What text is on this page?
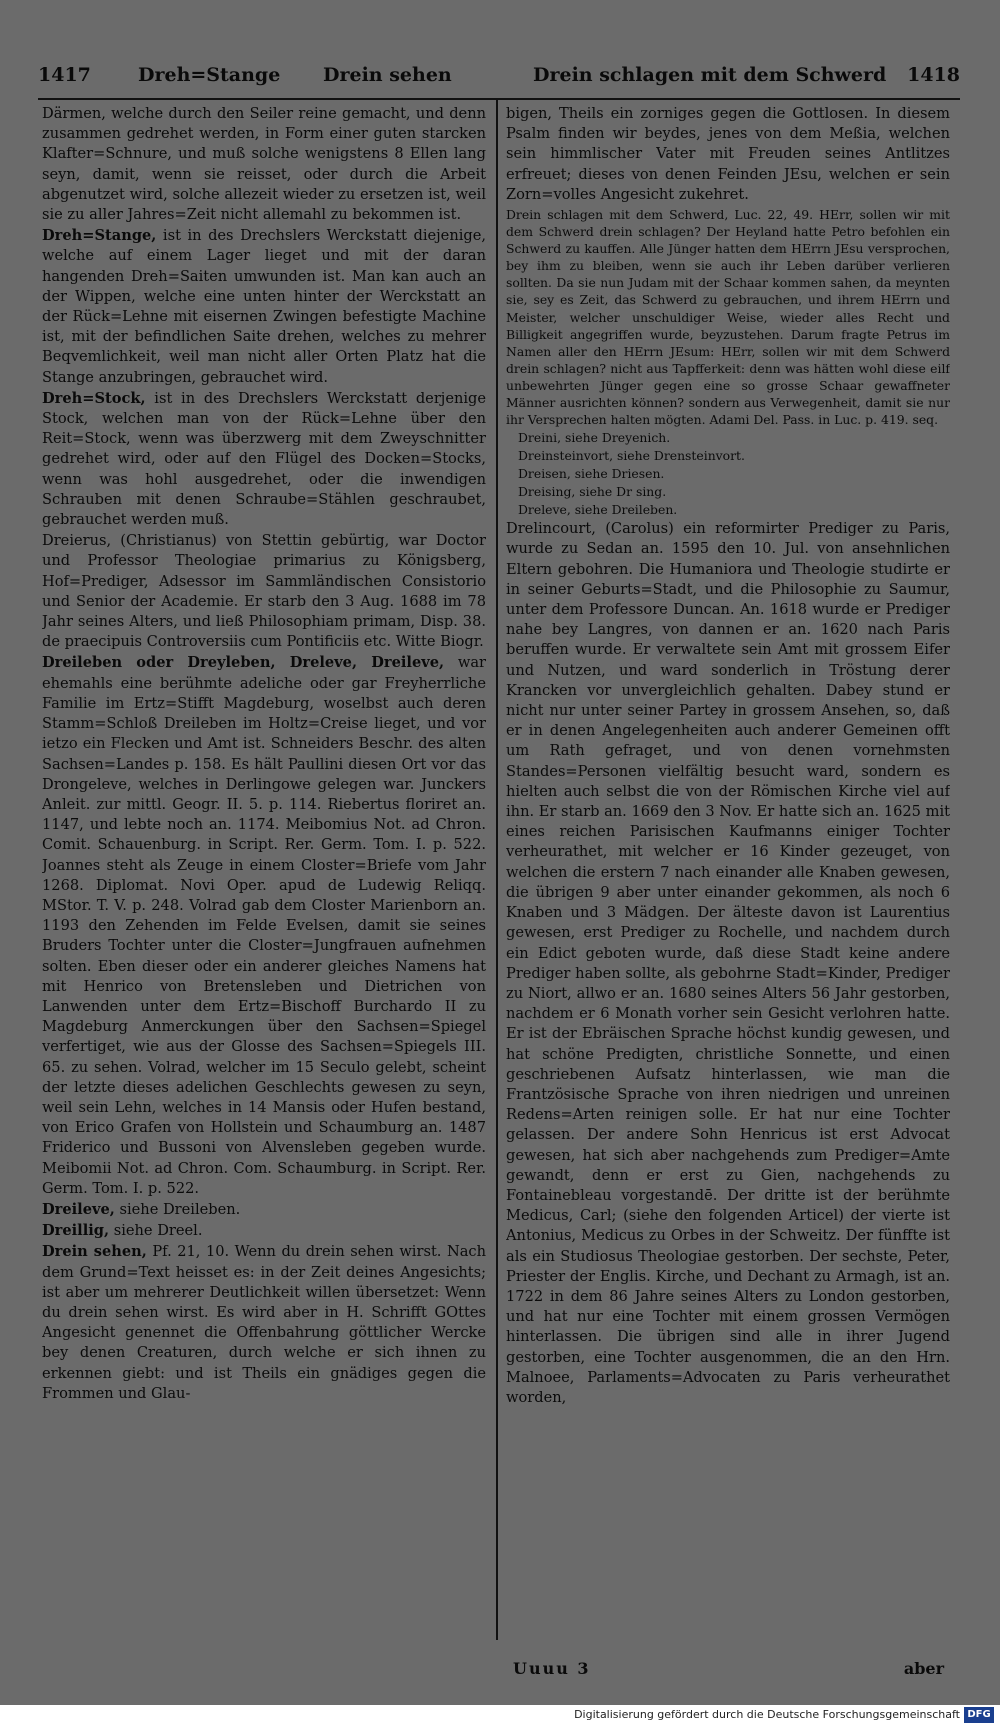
1417 Dreh=Stange Drein sehen	Drein schlagen mit dem Schwerd 1418

Därmen, welche durch den Seiler reine gemacht, und denn zusammen gedrehet werden, in Form einer guten starcken Klafter=Schnure, und muß solche wenigstens 8 Ellen lang seyn, damit, wenn sie reisset, oder durch die Arbeit abgenutzet wird, solche allezeit wieder zu ersetzen ist, weil sie zu aller Jahres=Zeit nicht allemahl zu bekommen ist.

Dreh=Stange, ist in des Drechslers Werckstatt diejenige, welche auf einem Lager lieget und mit der daran hangenden Dreh=Saiten umwunden ist. Man kan auch an der Wippen, welche eine unten hinter der Werckstatt an der Rück=Lehne mit eisernen Zwingen befestigte Machine ist, mit der befindlichen Saite drehen, welches zu mehrer Beqvemlichkeit, weil man nicht aller Orten Platz hat die Stange anzubringen, gebrauchet wird.

Dreh=Stock, ist in des Drechslers Werckstatt derjenige Stock, welchen man von der Rück=Lehne über den Reit=Stock, wenn was überzwerg mit dem Zweyschnitter gedrehet wird, oder auf den Flügel des Docken=Stocks, wenn was hohl ausgedrehet, oder die inwendigen Schrauben mit denen Schraube=Stählen geschraubet, gebrauchet werden muß.

Dreierus, (Christianus) von Stettin gebürtig, war Doctor und Professor Theologiae primarius zu Königsberg, Hof=Prediger, Adsessor im Sammländischen Consistorio und Senior der Academie. Er starb den 3 Aug. 1688 im 78 Jahr seines Alters, und ließ Philosophiam primam, Disp. 38. de praecipuis Controversiis cum Pontificiis etc. Witte Biogr.

Dreileben oder Dreyleben, Dreleve, Dreileve, war ehemahls eine berühmte adeliche oder gar Freyherrliche Familie im Ertz=Stifft Magdeburg, woselbst auch deren Stamm=Schloß Dreileben im Holtz=Creise lieget, und vor ietzo ein Flecken und Amt ist. Schneiders Beschr. des alten Sachsen=Landes p. 158. Es hält Paullini diesen Ort vor das Drongeleve, welches in Derlingowe gelegen war. Junckers Anleit. zur mittl. Geogr. II. 5. p. 114. Riebertus floriret an. 1147, und lebte noch an. 1174. Meibomius Not. ad Chron. Comit. Schauenburg. in Script. Rer. Germ. Tom. I. p. 522. Joannes steht als Zeuge in einem Closter=Briefe vom Jahr 1268. Diplomat. Novi Oper. apud de Ludewig Reliqq. MStor. T. V. p. 248. Volrad gab dem Closter Marienborn an. 1193 den Zehenden im Felde Evelsen, damit sie seines Bruders Tochter unter die Closter=Jungfrauen aufnehmen solten. Eben dieser oder ein anderer gleiches Namens hat mit Henrico von Bretensleben und Dietrichen von Lanwenden unter dem Ertz=Bischoff Burchardo II zu Magdeburg Anmerckungen über den Sachsen=Spiegel verfertiget, wie aus der Glosse des Sachsen=Spiegels III. 65. zu sehen. Volrad, welcher im 15 Seculo gelebt, scheint der letzte dieses adelichen Geschlechts gewesen zu seyn, weil sein Lehn, welches in 14 Mansis oder Hufen bestand, von Erico Grafen von Hollstein und Schaumburg an. 1487 Friderico und Bussoni von Alvensleben gegeben wurde. Meibomii Not. ad Chron. Com. Schaumburg. in Script. Rer. Germ. Tom. I. p. 522.

Dreileve, siehe Dreileben.

Dreillig, siehe Dreel.

Drein sehen, Pf. 21, 10. Wenn du drein sehen wirst. Nach dem Grund=Text heisset es: in der Zeit deines Angesichts; ist aber um mehrerer Deutlichkeit willen übersetzet: Wenn du drein sehen wirst. Es wird aber in H. Schrifft GOttes Angesicht genennet die Offenbahrung göttlicher Wercke bey denen Creaturen, durch welche er sich ihnen zu erkennen giebt: und ist Theils ein gnädiges gegen die Frommen und Glau-

bigen, Theils ein zorniges gegen die Gottlosen. In diesem Psalm finden wir beydes, jenes von dem Meßia, welchen sein himmlischer Vater mit Freuden seines Antlitzes erfreuet; dieses von denen Feinden JEsu, welchen er sein Zorn=volles Angesicht zukehret.

Drein schlagen mit dem Schwerd, Luc. 22, 49. HErr, sollen wir mit dem Schwerd drein schlagen? Der Heyland hatte Petro befohlen ein Schwerd zu kauffen. Alle Jünger hatten dem HErrn JEsu versprochen, bey ihm zu bleiben, wenn sie auch ihr Leben darüber verlieren sollten. Da sie nun Judam mit der Schaar kommen sahen, da meynten sie, sey es Zeit, das Schwerd zu gebrauchen, und ihrem HErrn und Meister, welcher unschuldiger Weise, wieder alles Recht und Billigkeit angegriffen wurde, beyzustehen. Darum fragte Petrus im Namen aller den HErrn JEsum: HErr, sollen wir mit dem Schwerd drein schlagen? nicht aus Tapfferkeit: denn was hätten wohl diese eilf unbewehrten Jünger gegen eine so grosse Schaar gewaffneter Männer ausrichten können? sondern aus Verwegenheit, damit sie nur ihr Versprechen halten mögten. Adami Del. Pass. in Luc. p. 419. seq.

Dreini, siehe Dreyenich.

Dreinsteinvort, siehe Drensteinvort.

Dreisen, siehe Driesen.

Dreising, siehe Dr sing.

Dreleve, siehe Dreileben.

Drelincourt, (Carolus) ein reformirter Prediger zu Paris, wurde zu Sedan an. 1595 den 10. Jul. von ansehnlichen Eltern gebohren. Die Humaniora und Theologie studirte er in seiner Geburts=Stadt, und die Philosophie zu Saumur, unter dem Professore Duncan. An. 1618 wurde er Prediger nahe bey Langres, von dannen er an. 1620 nach Paris beruffen wurde. Er verwaltete sein Amt mit grossem Eifer und Nutzen, und ward sonderlich in Tröstung derer Krancken vor unvergleichlich gehalten. Dabey stund er nicht nur unter seiner Partey in grossem Ansehen, so, daß er in denen Angelegenheiten auch anderer Gemeinen offt um Rath gefraget, und von denen vornehmsten Standes=Personen vielfältig besucht ward, sondern es hielten auch selbst die von der Römischen Kirche viel auf ihn. Er starb an. 1669 den 3 Nov. Er hatte sich an. 1625 mit eines reichen Parisischen Kaufmanns einiger Tochter verheurathet, mit welcher er 16 Kinder gezeuget, von welchen die erstern 7 nach einander alle Knaben gewesen, die übrigen 9 aber unter einander gekommen, als noch 6 Knaben und 3 Mädgen. Der älteste davon ist Laurentius gewesen, erst Prediger zu Rochelle, und nachdem durch ein Edict geboten wurde, daß diese Stadt keine andere Prediger haben sollte, als gebohrne Stadt=Kinder, Prediger zu Niort, allwo er an. 1680 seines Alters 56 Jahr gestorben, nachdem er 6 Monath vorher sein Gesicht verlohren hatte. Er ist der Ebräischen Sprache höchst kundig gewesen, und hat schöne Predigten, christliche Sonnette, und einen geschriebenen Aufsatz hinterlassen, wie man die Frantzösische Sprache von ihren niedrigen und unreinen Redens=Arten reinigen solle. Er hat nur eine Tochter gelassen. Der andere Sohn Henricus ist erst Advocat gewesen, hat sich aber nachgehends zum Prediger=Amte gewandt, denn er erst zu Gien, nachgehends zu Fontainebleau vorgestandē. Der dritte ist der berühmte Medicus, Carl; (siehe den folgenden Articel) der vierte ist Antonius, Medicus zu Orbes in der Schweitz. Der fünffte ist als ein Studiosus Theologiae gestorben. Der sechste, Peter, Priester der Englis. Kirche, und Dechant zu Armagh, ist an. 1722 in dem 86 Jahre seines Alters zu London gestorben, und hat nur eine Tochter mit einem grossen Vermögen hinterlassen. Die übrigen sind alle in ihrer Jugend gestorben, eine Tochter ausgenommen, die an den Hrn. Malnoee, Parlaments=Advocaten zu Paris verheurathet worden,

Uuuu 3	aber
Digitalisierung gefördert durch die Deutsche Forschungsgemeinschaft DFG
